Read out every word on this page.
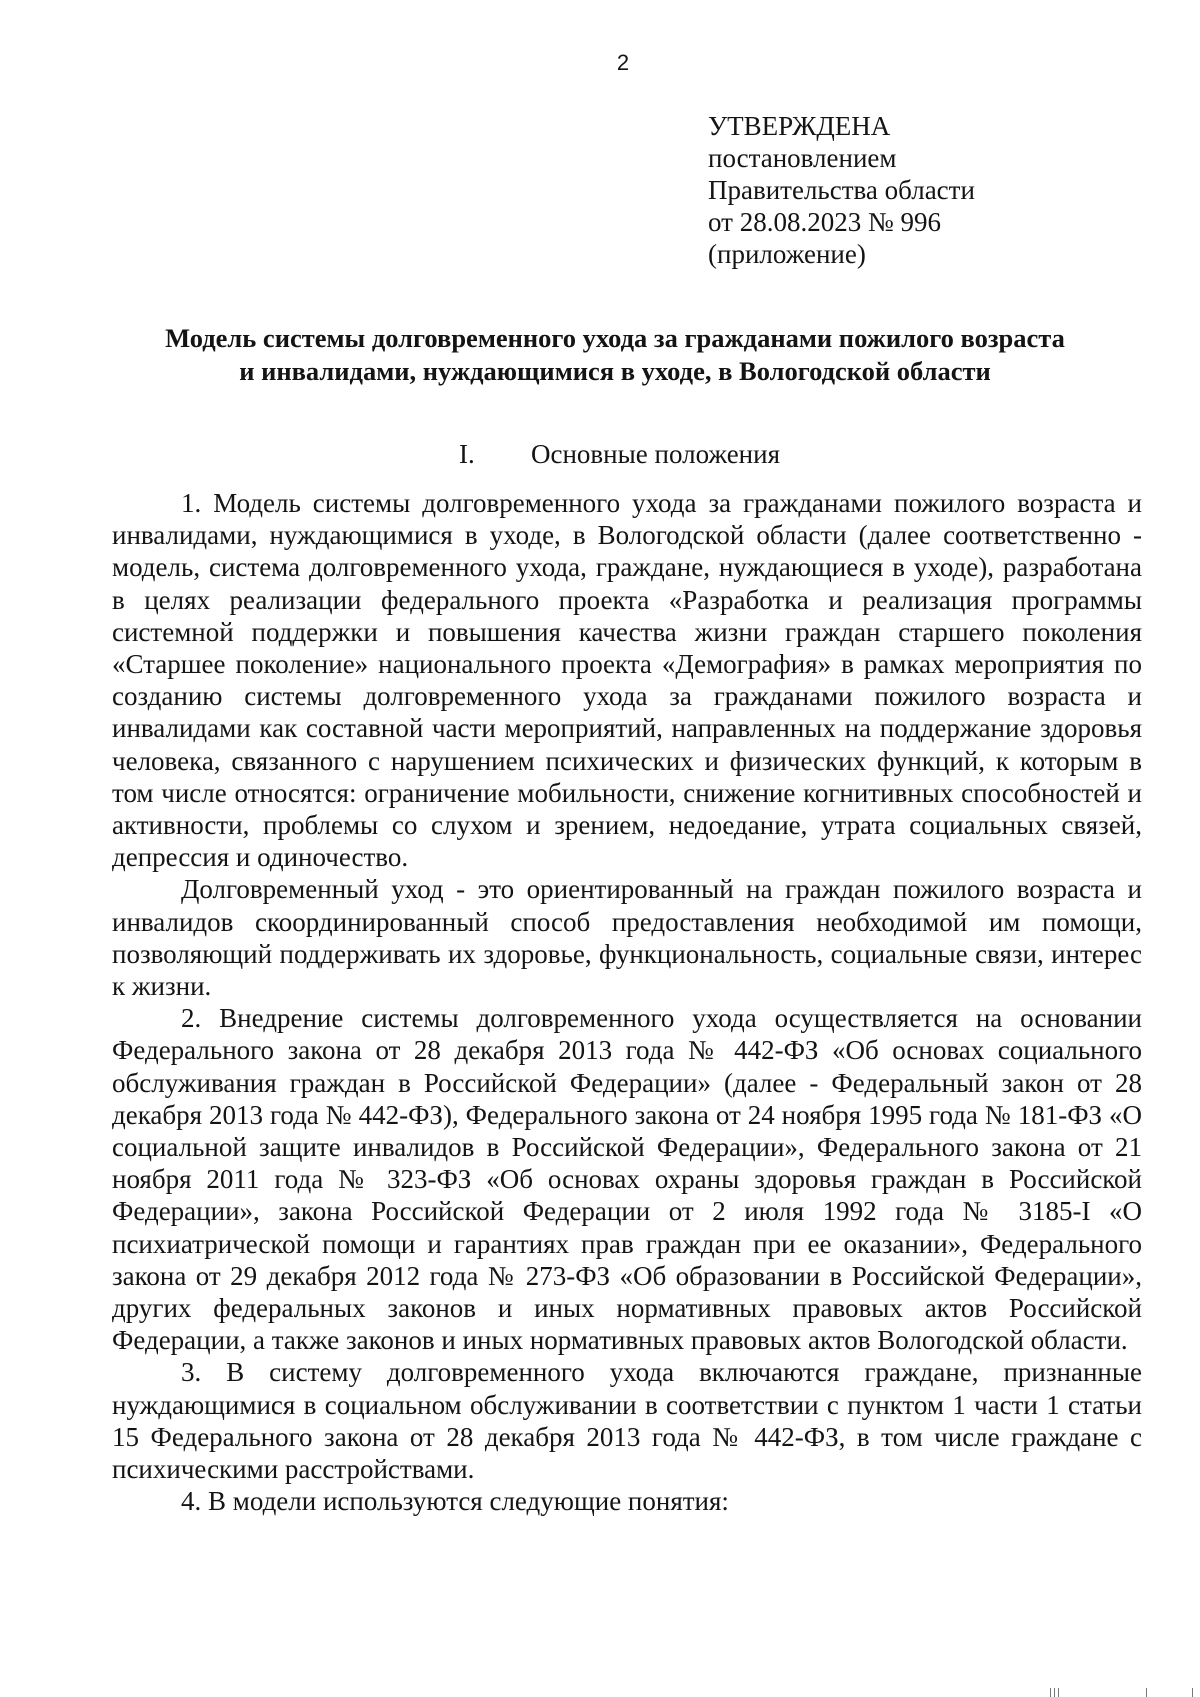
2
УТВЕРЖДЕНА
постановлением
Правительства области
от 28.08.2023 № 996
(приложение)
Модель системы долговременного ухода за гражданами пожилого возраста
и инвалидами, нуждающимися в уходе, в Вологодской области
I. Основные положения

1. Модель системы долговременного ухода за гражданами пожилого возраста и инвалидами, нуждающимися в уходе, в Вологодской области (далее соответственно - модель, система долговременного ухода, граждане, нуждающиеся в уходе), разработана в целях реализации федерального проекта «Разработка и реализация программы системной поддержки и повышения качества жизни граждан старшего поколения «Старшее поколение» национального проекта «Демография» в рамках мероприятия по созданию системы долговременного ухода за гражданами пожилого возраста и инвалидами как составной части мероприятий, направленных на поддержание здоровья человека, связанного с нарушением психических и физических функций, к которым в том числе относятся: ограничение мобильности, снижение когнитивных способностей и активности, проблемы со слухом и зрением, недоедание, утрата социальных связей, депрессия и одиночество.

Долговременный уход - это ориентированный на граждан пожилого возраста и инвалидов скоординированный способ предоставления необходимой им помощи, позволяющий поддерживать их здоровье, функциональность, социальные связи, интерес к жизни.

2. Внедрение системы долговременного ухода осуществляется на основании Федерального закона от 28 декабря 2013 года № 442-ФЗ «Об основах социального обслуживания граждан в Российской Федерации» (далее - Федеральный закон от 28 декабря 2013 года № 442-ФЗ), Федерального закона от 24 ноября 1995 года № 181-ФЗ «О социальной защите инвалидов в Российской Федерации», Федерального закона от 21 ноября 2011 года № 323-ФЗ «Об основах охраны здоровья граждан в Российской Федерации», закона Российской Федерации от 2 июля 1992 года № 3185-I «О психиатрической помощи и гарантиях прав граждан при ее оказании», Федерального закона от 29 декабря 2012 года № 273-ФЗ «Об образовании в Российской Федерации», других федеральных законов и иных нормативных правовых актов Российской Федерации, а также законов и иных нормативных правовых актов Вологодской области.

3. В систему долговременного ухода включаются граждане, признанные нуждающимися в социальном обслуживании в соответствии с пунктом 1 части 1 статьи 15 Федерального закона от 28 декабря 2013 года № 442-ФЗ, в том числе граждане с психическими расстройствами.

4. В модели используются следующие понятия:
